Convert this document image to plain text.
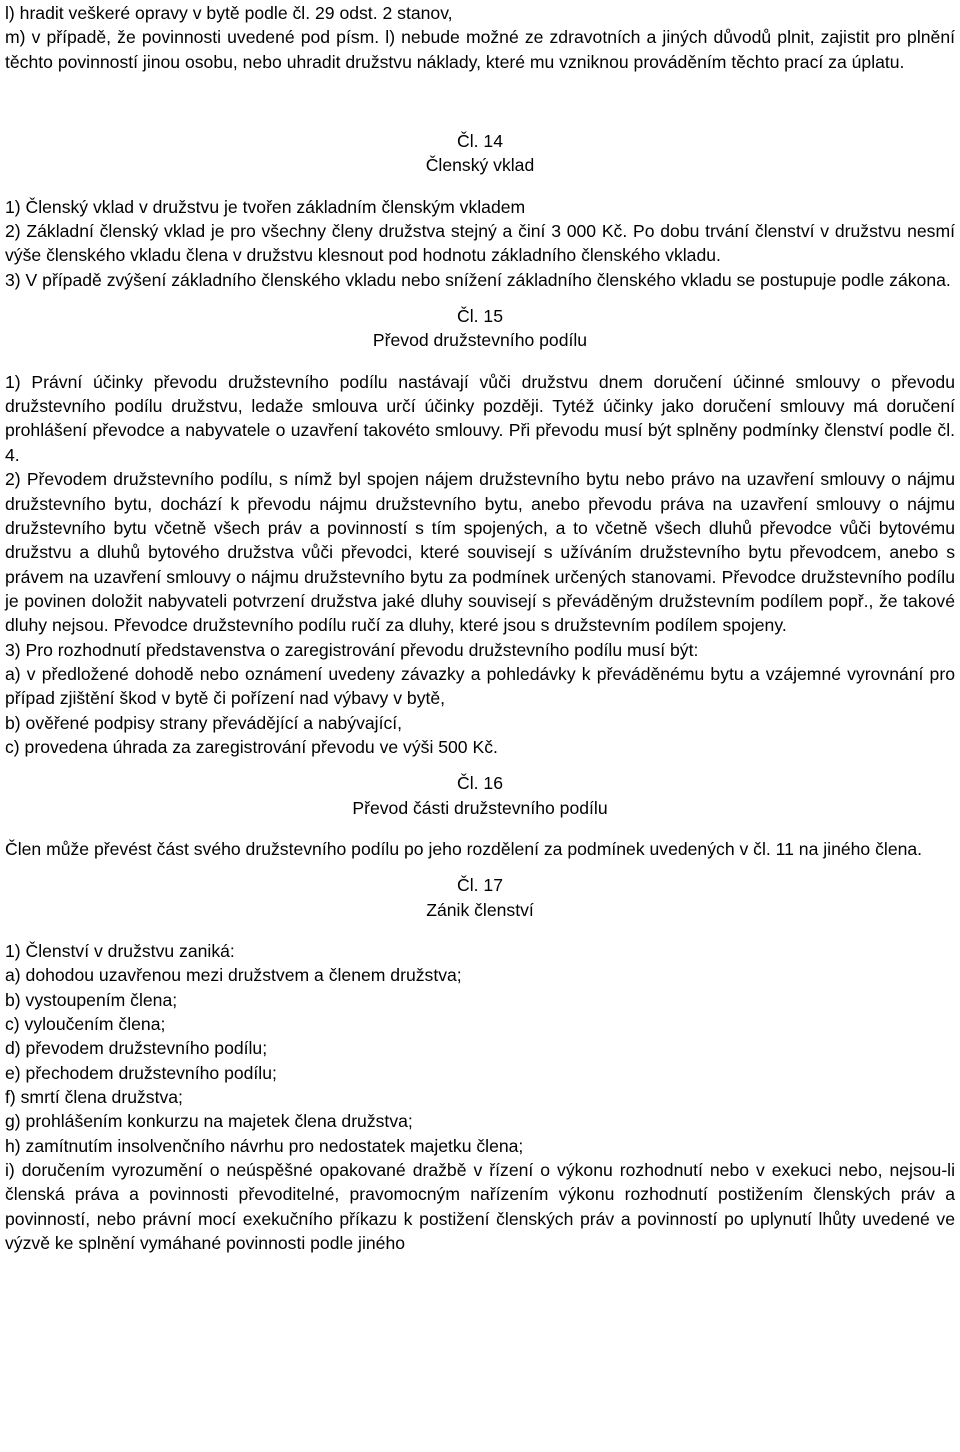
l) hradit veškeré opravy v bytě podle čl. 29 odst. 2 stanov,

m) v případě, že povinnosti uvedené pod písm. l) nebude možné ze zdravotních a jiných důvodů plnit, zajistit pro plnění těchto povinností jinou osobu, nebo uhradit družstvu náklady, které mu vzniknou prováděním těchto prací za úplatu.

Čl. 14

Členský vklad

1) Členský vklad v družstvu je tvořen základním členským vkladem

2) Základní členský vklad je pro všechny členy družstva stejný a činí 3 000 Kč. Po dobu trvání členství v družstvu nesmí výše členského vkladu člena v družstvu klesnout pod hodnotu základního členského vkladu.

3) V případě zvýšení základního členského vkladu nebo snížení základního členského vkladu se postupuje podle zákona.

Čl. 15

Převod družstevního podílu

1) Právní účinky převodu družstevního podílu nastávají vůči družstvu dnem doručení účinné smlouvy o převodu družstevního podílu družstvu, ledaže smlouva určí účinky později. Tytéž účinky jako doručení smlouvy má doručení prohlášení převodce a nabyvatele o uzavření takovéto smlouvy. Při převodu musí být splněny podmínky členství podle čl. 4.

2) Převodem družstevního podílu, s nímž byl spojen nájem družstevního bytu nebo právo na uzavření smlouvy o nájmu družstevního bytu, dochází k převodu nájmu družstevního bytu, anebo převodu práva na uzavření smlouvy o nájmu družstevního bytu včetně všech práv a povinností s tím spojených, a to včetně všech dluhů převodce vůči bytovému družstvu a dluhů bytového družstva vůči převodci, které souvisejí s užíváním družstevního bytu převodcem, anebo s právem na uzavření smlouvy o nájmu družstevního bytu za podmínek určených stanovami. Převodce družstevního podílu je povinen doložit nabyvateli potvrzení družstva jaké dluhy souvisejí s převáděným družstevním podílem popř., že takové dluhy nejsou. Převodce družstevního podílu ručí za dluhy, které jsou s družstevním podílem spojeny.

3) Pro rozhodnutí představenstva o zaregistrování převodu družstevního podílu musí být:

a) v předložené dohodě nebo oznámení uvedeny závazky a pohledávky k převáděnému bytu a vzájemné vyrovnání pro případ zjištění škod v bytě či pořízení nad výbavy v bytě,

b) ověřené podpisy strany převádějící a nabývající,

c) provedena úhrada za zaregistrování převodu ve výši 500 Kč.

Čl. 16

Převod části družstevního podílu

Člen může převést část svého družstevního podílu po jeho rozdělení za podmínek uvedených v čl. 11 na jiného člena.

Čl. 17

Zánik členství

1) Členství v družstvu zaniká:

a) dohodou uzavřenou mezi družstvem a členem družstva;

b) vystoupením člena;

c) vyloučením člena;

d) převodem družstevního podílu;

e) přechodem družstevního podílu;

f) smrtí člena družstva;

g) prohlášením konkurzu na majetek člena družstva;

h) zamítnutím insolvenčního návrhu pro nedostatek majetku člena;

i) doručením vyrozumění o neúspěšné opakované dražbě v řízení o výkonu rozhodnutí nebo v exekuci nebo, nejsou-li členská práva a povinnosti převoditelné, pravomocným nařízením výkonu rozhodnutí postižením členských práv a povinností, nebo právní mocí exekučního příkazu k postižení členských práv a povinností po uplynutí lhůty uvedené ve výzvě ke splnění vymáhané povinnosti podle jiného
